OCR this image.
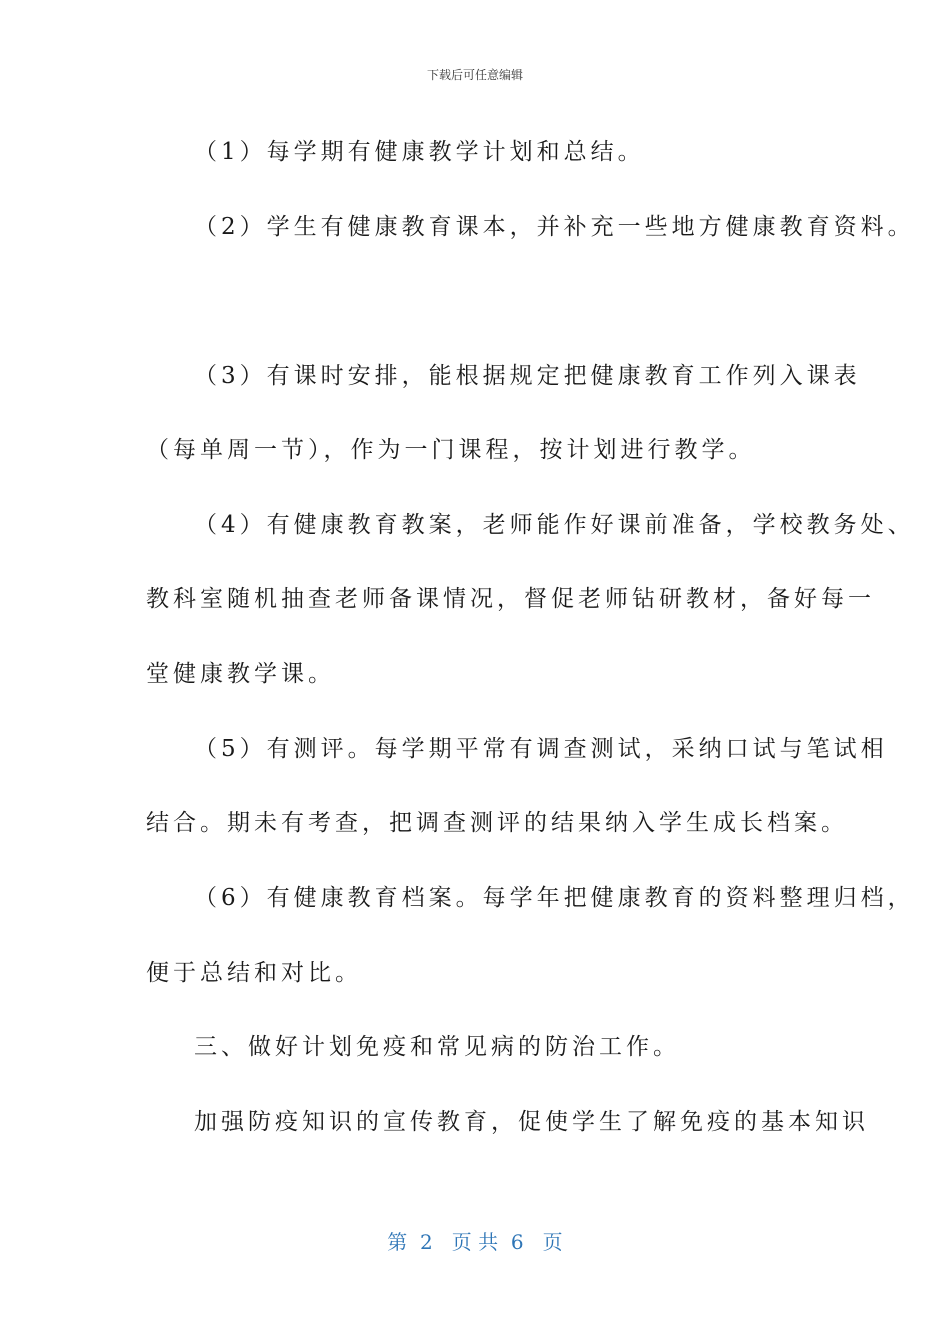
下载后可任意编辑
（1）每学期有健康教学计划和总结。
（2）学生有健康教育课本，并补充一些地方健康教育资料。
（3）有课时安排，能根据规定把健康教育工作列入课表
（每单周一节），作为一门课程，按计划进行教学。
（4）有健康教育教案，老师能作好课前准备，学校教务处、
教科室随机抽查老师备课情况，督促老师钻研教材，备好每一
堂健康教学课。
（5）有测评。每学期平常有调查测试，采纳口试与笔试相
结合。期未有考查，把调查测评的结果纳入学生成长档案。
（6）有健康教育档案。每学年把健康教育的资料整理归档，
便于总结和对比。
三、做好计划免疫和常见病的防治工作。
加强防疫知识的宣传教育，促使学生了解免疫的基本知识
第  2   页 共  6   页
